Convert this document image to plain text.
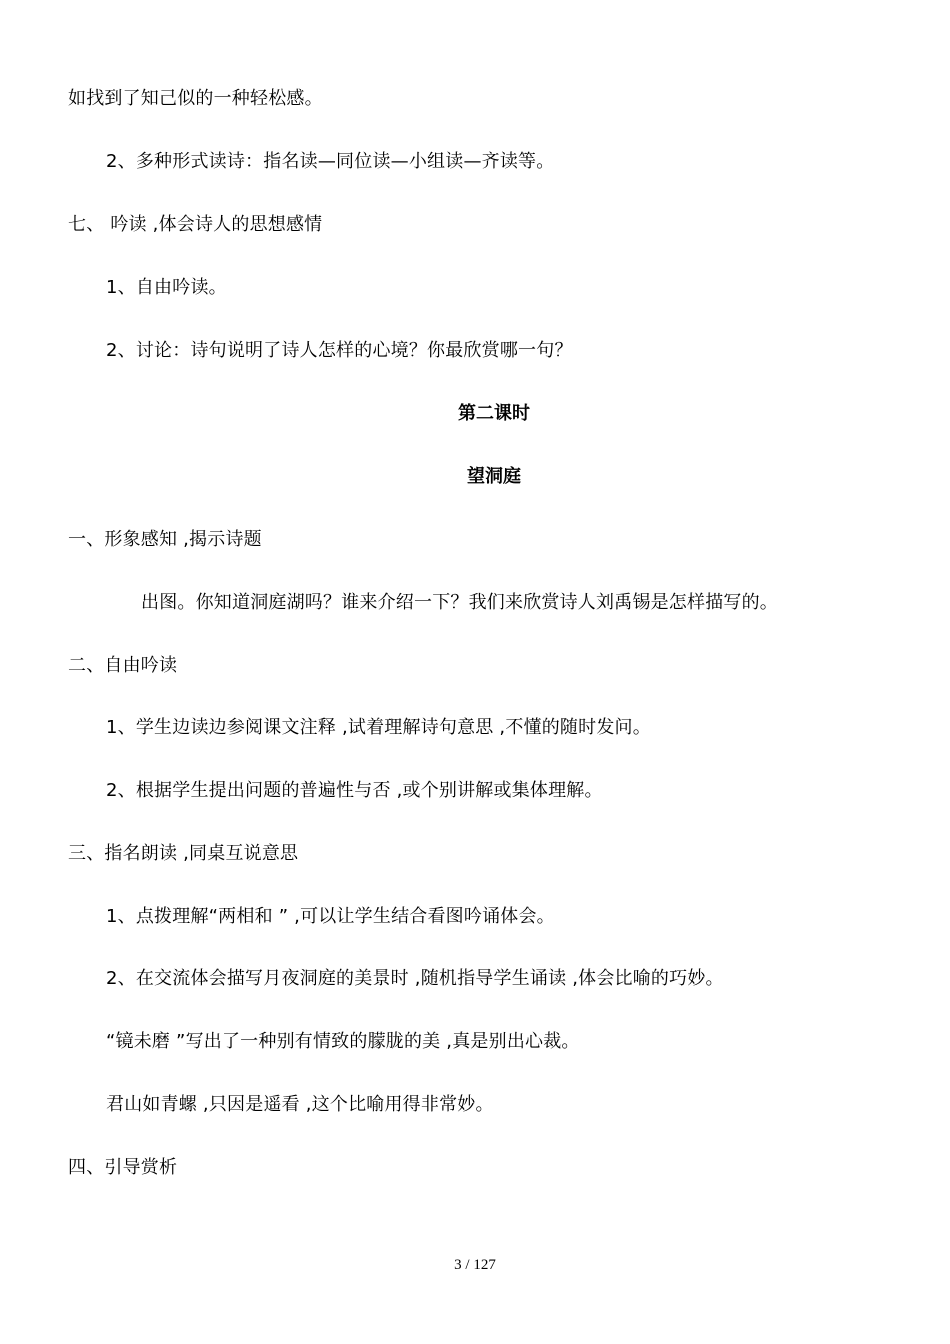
如找到了知己似的一种轻松感。
2、多种形式读诗：指名读—同位读—小组读—齐读等。
七、 吟读 ,体会诗人的思想感情
1、自由吟读。
2、讨论：诗句说明了诗人怎样的心境？你最欣赏哪一句？
第二课时
望洞庭
一、形象感知 ,揭示诗题
出图。你知道洞庭湖吗？谁来介绍一下？我们来欣赏诗人刘禹锡是怎样描写的。
二、自由吟读
1、学生边读边参阅课文注释 ,试着理解诗句意思 ,不懂的随时发问。
2、根据学生提出问题的普遍性与否 ,或个别讲解或集体理解。
三、指名朗读 ,同桌互说意思
1、点拨理解“两相和 ” ,可以让学生结合看图吟诵体会。
2、在交流体会描写月夜洞庭的美景时 ,随机指导学生诵读 ,体会比喻的巧妙。
“镜未磨 ”写出了一种别有情致的朦胧的美 ,真是别出心裁。
君山如青螺 ,只因是遥看 ,这个比喻用得非常妙。
四、引导赏析
3 / 127
